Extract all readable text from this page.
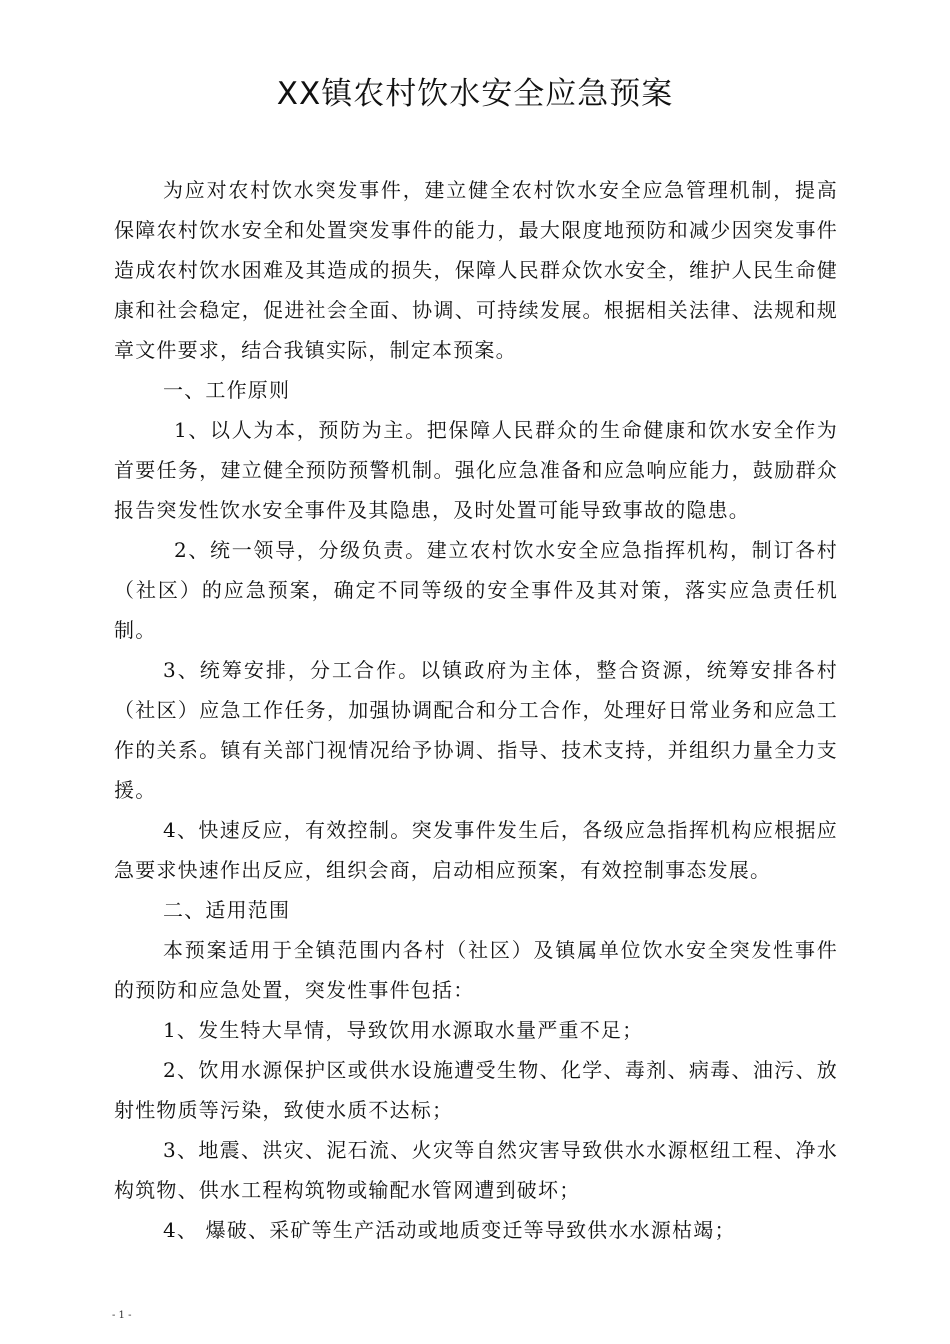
XX镇农村饮水安全应急预案

为应对农村饮水突发事件，建立健全农村饮水安全应急管理机制，提高保障农村饮水安全和处置突发事件的能力，最大限度地预防和减少因突发事件造成农村饮水困难及其造成的损失，保障人民群众饮水安全，维护人民生命健康和社会稳定，促进社会全面、协调、可持续发展。根据相关法律、法规和规章文件要求，结合我镇实际，制定本预案。

一、工作原则

1、以人为本，预防为主。把保障人民群众的生命健康和饮水安全作为首要任务，建立健全预防预警机制。强化应急准备和应急响应能力，鼓励群众报告突发性饮水安全事件及其隐患，及时处置可能导致事故的隐患。

2、统一领导，分级负责。建立农村饮水安全应急指挥机构，制订各村（社区）的应急预案，确定不同等级的安全事件及其对策，落实应急责任机制。

3、统筹安排，分工合作。以镇政府为主体，整合资源，统筹安排各村（社区）应急工作任务，加强协调配合和分工合作，处理好日常业务和应急工作的关系。镇有关部门视情况给予协调、指导、技术支持，并组织力量全力支援。

4、快速反应，有效控制。突发事件发生后，各级应急指挥机构应根据应急要求快速作出反应，组织会商，启动相应预案，有效控制事态发展。

二、适用范围

本预案适用于全镇范围内各村（社区）及镇属单位饮水安全突发性事件的预防和应急处置，突发性事件包括：

1、发生特大旱情，导致饮用水源取水量严重不足；

2、饮用水源保护区或供水设施遭受生物、化学、毒剂、病毒、油污、放射性物质等污染，致使水质不达标；

3、地震、洪灾、泥石流、火灾等自然灾害导致供水水源枢纽工程、净水构筑物、供水工程构筑物或输配水管网遭到破坏；

4、 爆破、采矿等生产活动或地质变迁等导致供水水源枯竭；

- 1 -
